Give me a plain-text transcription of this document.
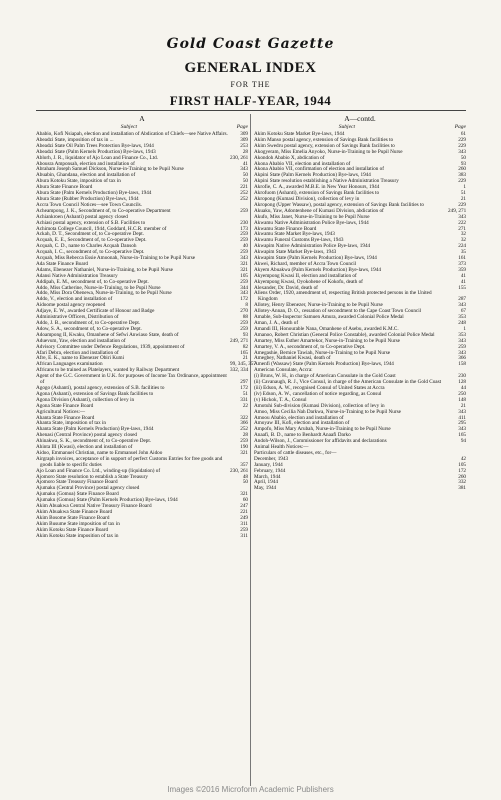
Gold Coast Gazette
GENERAL INDEX
FOR THE
FIRST HALF-YEAR, 1944
A
Subject	Page
Ababio, Kofi Nsiapah, election and installation of Abdication of Chiefs—see Native Affairs.	309
Abeadzi State, imposition of tax in ...	309
Abeadzi State Oil Palm Trees Protection Bye-laws, 1944	253
Abeadzi State (Palm Kernels Production) Bye-laws, 1943	28
Ablorh, J. R., liquidator of Ajo Loan and Finance Co., Ltd.	230, 261
Abousra Amponsah, election and installation of	41
Abraham Joseph Samuel Dickson, Nurse-in-Training to be Pupil Nurse	343
Abuabin, Ghandana, election and installation of	50
Abura Kotoku State, imposition of tax in	50
Abura State Finance Board	221
Abura State (Palm Kernels Production) Bye-laws, 1944	252
Abura State (Rubber Production) Bye-laws, 1944	252
Accra Town Council Notices—see Town Councils.
Acheampong, J. K., Secondment of, to Co-operative Department	259
Achiankroen (Ashanti) postal agency closed
Achiasi postal agency, extension of S.B. Facilities to	230
Achimota College Council, 1944, Goddard, H.C.R. member of	173
Ackah, D. T., Secondment of, to Co-operative Dept.	259
Acquah, E. E., Secondment of, to Co-operative Dept.	259
Acquah, C. D., name to Charles Acquah Dansoh	40
Acquah, I. C., secondment of, to Co-operative Dept.	259
Acquah, Miss Rebecca Essie Amoonah, Nurse-in-Training to be Pupil Nurse	343
Ada State Finance Board	321
Adams, Ebenezer Nathaniel, Nurse-in-Training, to be Pupil Nurse	321
Adansi Native Administration Treasury	105
Addipah, E. M., secondment of, to Co-operative Dept.	259
Addo, Miss Catherine, Nurse-in-Training, to be Pupil Nurse	344
Addo, Miss Dora Ohenewa, Nurse-in-Training, to be Pupil Nurse	343
Addo, V., election and installation of	172
Aidoome postal agency reopened	8
Adjaye, E. W., awarded Certificate of Honour and Badge	270
Administrative Officers, Distribution of	88
Addo, J. B., secondment of, to Co-operative Dept.	259
Adow, S. A., secondment of, to Co-operative Dept.	259
Adoampong II, Kwaku, Omanhene of Sefwi Anwiaso State, death of	93
Aduevum, Yaw, election and installation of	249, 271
Advisory Committee under Defence Regulations, 1939, appointment of	82
Afari Debra, election and installation of	165
Afre, E. K., name to Ebenezer Obiri Kumi	21
African Languages examination	99, 345, 357
Africans to be trained as Platelayers, wanted by Railway Department	332, 334
Agent of the G.C. Government in U.K. for purposes of Income Tax Ordinance, appointment of	297
Agogo (Ashanti), postal agency, extension of S.B. facilities to	172
Agona (Ashanti), extension of Savings Bank facilities to	51
Agona Division (Ashanti), collection of levy in	331
Agona State Finance Board	22
Agricultural Notices:—
Ahanta State Finance Board	322
Ahanta State, imposition of tax in	366
Ahanta State (Palm Kernels Production) Bye-laws, 1944	252
Ahenasi (Central Province) postal agency closed	28
Ahinakwa, S. K., secondment of, to Co-operative Dept.	259
Ahinta III (Kwasi), election and installation of	190
Aidoo, Emmanuel Christian, name to Emmanuel John Aidoo	321
Airgraph invoices, acceptance of in support of perfect Customs Entries for free goods and goods liable to specific duties	357
Ajo Loan and Finance Co. Ltd., winding-up (liquidation) of	230, 261
Ajomoro State resolution to establish a State Treasury	48
Ajomoro State Treasury Finance Board	50
Ajumaku (Central Province) postal agency closed
Ajumaku (Gomoa) State Finance Board	321
Ajumaku (Gomoa) State (Palm Kernels Production) Bye-laws, 1944	60
Akim Abuakwa Central Native Treasury Finance Board	247
Akim Abuakwa State Finance Board	221
Akim Bosome State Finance Board	249
Akim Busume State imposition of tax in	311
Akim Kotoku State Finance Board	259
Akim Kotoku State imposition of tax in	311
A—contd.
Subject	Page
Akim Kotoku State Market Bye-laws, 1944	61
Akim Manso postal agency, extension of Savings Bank facilities to	229
Akim Swedru postal agency, extension of Savings Bank facilities to	229
Akogyeram, Miss Emelia Anyoko, Nurse-in-Training to be Pupil Nurse	343
Akondoh Ababio X, abdication of	50
Akona Ababio VII, election and installation of	93
Akona Ababio VII, confirmation of election and installation of	260
Akpini State (Palm Kernels Production) Bye-laws, 1944	383
Akpini State resolution establishing a Native Administration Treasury	229
Akrofie, C. A., awarded M.B.E. in New Year Honours, 1944	1
Akrofuom (Ashanti), extension of Savings Bank facilities to	51
Akropong (Kumasi Division), collection of levy in	21
Akropong (Upper Wassaw), postal agency, extension of Savings Bank facilities to	229
Akuaku, Yaw, Adontenhene of Kumasi Division, abdication of	249, 271
Akufo, Miss Janet, Nurse-in-Training to be Pupil Nurse	343
Akwamu Native Administration Police Bye-laws, 1944	222
Akwamu State Finance Board	271
Akwamu State Market Bye-laws, 1943	32
Akwamu Funeral Customs Bye-laws, 1943	32
Akwapim Native Administration Police Bye-laws, 1944	224
Akwapim State Market Bye-laws, 1943	35
Akwapim State (Palm Kernels Production) Bye-laws, 1944	161
Akwei, Richard, member of Accra Town Council	373
Akyem Abuakwa (Palm Kernels Production) Bye-laws, 1944	359
Akyempong Kwasi II, election and installation of	41
Akyempong Kwasi, Oyokohene of Kokofu, death of	41
Alexander, Dr. David, death of	155
Aliens Order, 1920, amendment of, respecting British protected persons in the United Kingdom	287
Allotey, Henry Ebenezer, Nurse-in-Training to be Pupil Nurse	343
Allotey-Annan, D. O., cessation of secondment to the Cape Coast Town Council	67
Amable, Sub-Inspector Samuen Amura, awarded Colonial Police Medal	353
Aman, J. A., death of	248
Amandi III, Honourable Nana, Omanhene of Asebu, awarded K.M.C.	1
Amanoo, Robert Christian (General Police Constable), awarded Colonial Police Medal	353
Amartey, Miss Esther Amartekor, Nurse-in-Training to be Pupil Nurse	343
Amartey, V. A., secondment of, to Co-operative Dept.	259
Amegashie, Bernice Tawiah, Nurse-in-Training to be Pupil Nurse	343
Amegbey, Nathaniel Kwasi, death of	366
Amenfi (Wassaw) State (Palm Kernels Production) Bye-laws, 1944	158
American Consulate, Accra:
(i) Bruns, W. H., in charge of American Consulate in the Gold Coast	230
(ii) Cavanaugh, R. J., Vice Consul, in charge of the American Consulate in the Gold Coast	128
(iii) Edson, A. W., recognised Consul of United States at Accra	44
(iv) Edson, A. W., cancellation of notice regarding, as Consul	250
(v) Hickok, T. A., Consul	148
Amotuhi Sub-division (Kumasi Division), collection of levy in	21
Amoo, Miss Cecilia Nah Darkwa, Nurse-in-Training to be Pupil Nurse	343
Amoou Ababio, election and installation of	411
Amoyaw III, Kofi, election and installation of	295
Ampofo, Miss Mary Arubah, Nurse-in-Training to be Pupil Nurse	343
Anaafi, B. D., name to Benhardt Anaafi Darko	165
Andoh-Wilson, J., Commissioner for affidavits and declarations	94
Animal Health Notices:—
Particulars of cattle diseases, etc., for—
December, 1943	42
January, 1944	105
February, 1944	172
March, 1944	260
April, 1944	332
May, 1944	381
Images ©2016 Microform Academic Publishers
